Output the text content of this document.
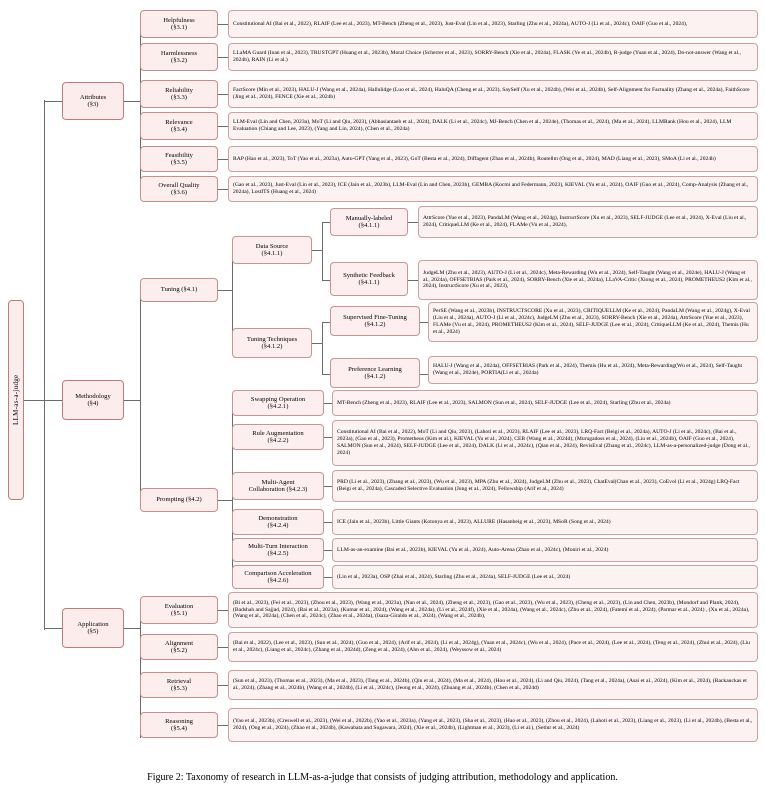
LLM-as-a-judge
Attributes
(§3)
Methodology
(§4)
Application
(§5)
Helpfulness
(§3.1)
Harmlessness
(§3.2)
Reliability
(§3.3)
Relevance
(§3.4)
Feasibility
(§3.5)
Overall Quality
(§3.6)
Constitutional AI (Bai et al., 2022), RLAIF (Lee et al., 2023), MT-Bench (Zheng et al., 2023), Just-Eval (Lin et al., 2023), Starling (Zhu et al., 2024a), AUTO-J (Li et al., 2024c), OAIF (Guo et al., 2024),
LLaMA Guard (Inan et al., 2023), TRUSTGPT (Huang et al., 2023b), Moral Choice (Scherrer et al., 2023), SORRY-Bench (Xie et al., 2024a), FLASK (Ye et al., 2024b), R-judge (Yuan et al., 2024), Do-not-answer (Wang et al., 2024b), RAIN (Li et al.)
FactScore (Min et al., 2023), HALU-J (Wang et al., 2024a), Hallulidge (Luo et al., 2024), HaluQA (Cheng et al., 2023), SaySelf (Xu et al., 2024b), (Wei et al., 2024b), Self-Alignment for Factuality (Zhang et al., 2024a), FaithScore (Jing et al., 2024), FENCE (Xie et al., 2024b)
LLM-Eval (Lin and Chen, 2023a), MoT (Li and Qiu, 2023), (Abbasiantaeb et al., 2024), DALK (Li et al., 2024c), MJ-Bench (Chen et al., 2024e), (Thomas et al., 2024), (Ma et al., 2024), LLMRank (Hou et al., 2024), LLM Evaluation (Chiang and Lee, 2023), (Yang and Lin, 2024), (Chen et al., 2024a)
RAP (Hao et al., 2023), ToT (Yao et al., 2023a), Auto-GPT (Yang et al., 2023), GoT (Besta et al., 2024), Diffagent (Zhao et al., 2024b), Routellm (Ong et al., 2024), MAD (Liang et al., 2023), SMoA (Li et al., 2024b)
(Gao et al., 2023), Just-Eval (Lin et al., 2023), ICE (Jain et al., 2023b), LLM-Eval (Lin and Chen, 2023b), GEMBA (Kocmi and Federmann, 2023), KIEVAL (Yu et al., 2024), OAIF (Guo et al., 2024), Comp-Analysis (Zhang et al., 2024a), LostITS (Huang et al., 2024)
Tuning (§4.1)
Prompting (§4.2)
Data Source
(§4.1.1)
Tuning Techniques
(§4.1.2)
Manually-labeled
(§4.1.1)
Synthetic Feedback
(§4.1.1)
AttrScore (Yue et al., 2023), PandaLM (Wang et al., 2024g), InstructScore (Xu et al., 2023), SELF-JUDGE (Lee et al., 2024), X-Eval (Liu et al., 2024), CritiqueLLM (Ke et al., 2024), FLAMe (Vu et al., 2024),
JudgeLM (Zhu et al., 2023), AUTO-J (Li et al., 2024c), Meta-Rewarding (Wu et al., 2024), Self-Taught (Wang et al., 2024e), HALU-J (Wang et al., 2024a), OFFSETBIAS (Park et al., 2024), SORRY-Bench (Xie et al., 2024a), LLaVA-Critic (Xiong et al., 2024), PROMETHEUS2 (Kim et al., 2024), InstructScore (Xu et al., 2023),
Supervised Fine-Tuning
(§4.1.2)
Preference Learning
(§4.1.2)
PerSE (Wang et al., 2023b), INSTRUCTSCORE (Xu et al., 2023), CRITIQUELLM (Ke et al., 2024), PandaLM (Wang et al., 2024g), X-Eval (Liu et al., 2024a), AUTO-J (Li et al., 2024c), JudgeLM (Zhu et al., 2023), SORRY-Bench (Xie et al., 2024a), AttrScore (Yue et al., 2023), FLAMe (Vu et al., 2024), PROMETHEUS2 (Kim et al., 2024), SELF-JUDGE (Lee et al., 2024), CritiqueLLM (Ke et al., 2024), Themis (Hu et al., 2024)
HALU-J (Wang et al., 2024a), OFFSETBIAS (Park et al., 2024), Themis (Hu et al., 2024), Meta-Rewarding(Wu et al., 2024), Self-Taught (Wang et al., 2024e), PORTIA(Li et al., 2024a)
Swapping Operation
(§4.2.1)
Rule Augmentation
(§4.2.2)
Multi-Agent
Collaboration (§4.2.3)
Demonstration
(§4.2.4)
Multi-Turn Interaction
(§4.2.5)
Comparison Acceleration
(§4.2.6)
MT-Bench (Zheng et al., 2023), RLAIF (Lee et al., 2023), SALMON (Sun et al., 2024), SELF-JUDGE (Lee et al., 2024), Starling (Zhu et al., 2024a)
Constitutional AI (Bai et al., 2022), MoT (Li and Qiu, 2023), (Lahoti et al., 2023), RLAIF (Lee et al., 2023), LRQ-Fact (Beigi et al., 2024a), AUTO-J (Li et al., 2024c), (Bai et al., 2023a), (Gao et al., 2023), Prometheus (Kim et al.), KIEVAL (Yu et al., 2024), CEB (Wang et al., 2024d), (Murugadoss et al., 2024), (Liu et al., 2024b), OAIF (Guo et al., 2024), SALMON (Sun et al., 2024), SELF-JUDGE (Lee et al., 2024), DALK (Li et al., 2024c), (Qian et al., 2024), RevisEval (Zhang et al., 2024c), LLM-as-a-personalized-judge (Dong et al., 2024)
PRD (Li et al., 2023), (Zhang et al., 2023), (Wu et al., 2023), MPA (Zhu et al., 2024), JudgeLM (Zhu et al., 2023), ChatEval(Chan et al., 2023), CoEvol (Li et al., 2024g) LRQ-Fact (Beigi et al., 2024a), Cascaded Selective Evaluation (Jung et al., 2024), Fellowship (Arif et al., 2024)
ICE (Jain et al., 2023b), Little Giants (Kotonya et al., 2023), ALLURE (Hasanbeig et al., 2023), MSoR (Song et al., 2024)
LLM-as-an-examine (Bai et al., 2023b), KIEVAL (Yu et al., 2024), Auto-Arena (Zhao et al., 2024c), (Moniri et al., 2024)
(Lin et al., 2023a), OSP (Zhai et al., 2024), Starling (Zhu et al., 2024a), SELF-JUDGE (Lee et al., 2024)
Evaluation
(§5.1)
Alignment
(§5.2)
Retrieval
(§5.3)
Reasoning
(§5.4)
(Bi et al., 2023), (Fei et al., 2023), (Zhou et al., 2023), (Wang et al., 2023a), (Nan et al., 2024), (Zheng et al., 2023), (Gao et al., 2023), (Wu et al., 2023), (Cheng et al., 2023), (Lin and Chen, 2023b), (Mondorf and Plank, 2024), (Badshah and Sajjad, 2024), (Bai et al., 2023a), (Kumar et al., 2024), (Wang et al., 2024a), (Li et al., 2024f), (Xie et al., 2024a), (Wang et al., 2024c), (Zhu et al., 2024), (Fatemi et al., 2024), (Parmar et al., 2024) , (Xu et al., 2024a), (Wang et al., 2024a), (Chen et al., 2024c), (Zhao et al., 2024a), (Isaza-Giraldo et al., 2024), (Wang et al., 2024b),
(Bai et al., 2022), (Lee et al., 2023), (Sun et al., 2024), (Guo et al., 2024), (Arif et al., 2024), (Li et al., 2024g), (Yuan et al., 2024c), (Wu et al., 2024), (Pace et al., 2024), (Lee et al., 2024), (Teng et al., 2024), (Zhui et al., 2024), (Liu et al., 2024c), (Liang et al., 2024c), (Zhang et al., 2024d), (Zeng et al., 2024), (Ahn et al., 2024), (Weyssow et al., 2024)
(Sun et al., 2023), (Thomas et al., 2023), (Ma et al., 2023), (Tang et al., 2024b), (Qin et al., 2024), (Ma et al., 2024), (Hou et al., 2024), (Li and Qiu, 2024), (Tang et al., 2024a), (Asai et al., 2024), (Kim et al., 2024), (Rackauckas et al., 2024), (Zhang et al., 2024b), (Wang et al., 2024b), (Li et al., 2024c), (Jeong et al., 2024), (Zhuang et al., 2024b), (Chen et al., 2024d)
(Yao et al., 2023b), (Creswell et al., 2023), (Wei et al., 2022b), (Yao et al., 2023a), (Yang et al., 2023), (Sha et al., 2023), (Hao et al., 2023), (Zhou et al., 2024), (Lahoti et al., 2023), (Liang et al., 2023), (Li et al., 2024b), (Besta et al., 2024), (Ong et al., 2024), (Zhao et al., 2024b), (Kawabata and Sugawara, 2024), (Xie et al., 2024b), (Lightman et al., 2023), (Li et al.), (Setlur et al., 2024)
Figure 2: Taxonomy of research in LLM-as-a-judge that consists of judging attribution, methodology and application.
